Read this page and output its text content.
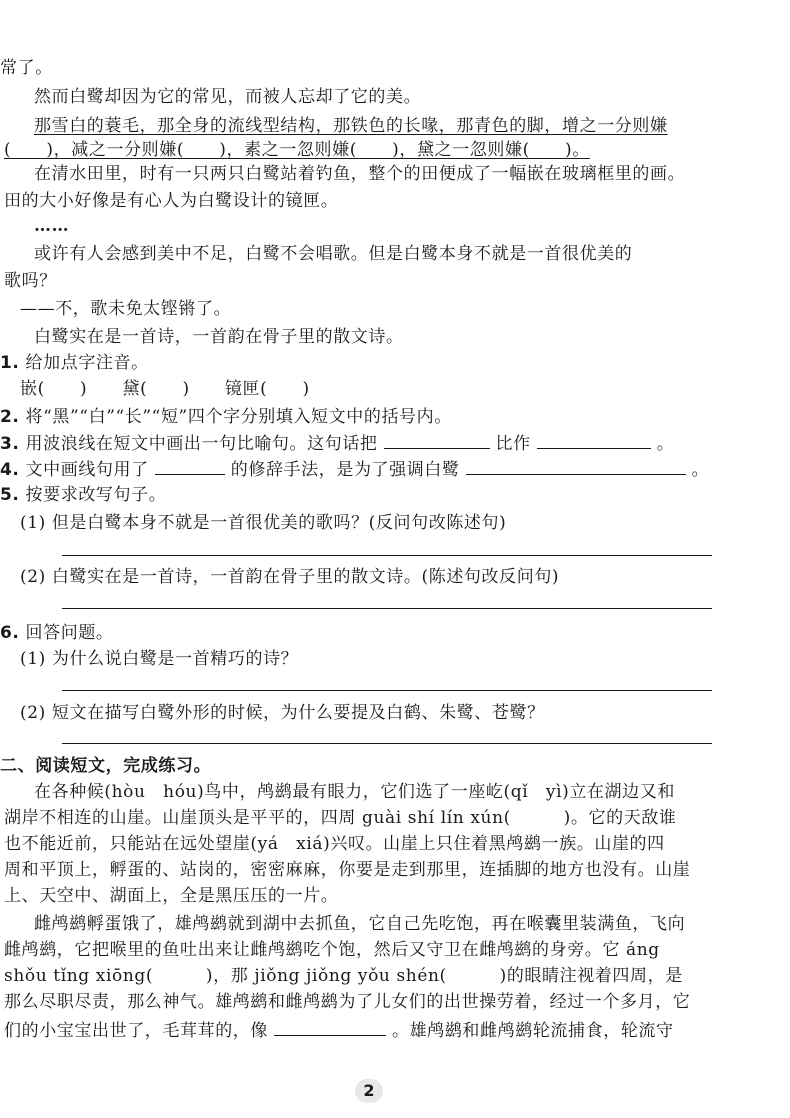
常了。
然而白鹭却因为它的常见，而被人忘却了它的美。
那雪白的蓑毛，那全身的流线型结构，那铁色的长喙，那青色的脚，增之一分则嫌
(　　)，减之一分则嫌(　　)，素之一忽则嫌(　　)，黛之一忽则嫌(　　)。
在清水田里，时有一只两只白鹭站着钓鱼，整个的田便成了一幅嵌在玻璃框里的画。
田的大小好像是有心人为白鹭设计的镜匣。
……
或许有人会感到美中不足，白鹭不会唱歌。但是白鹭本身不就是一首很优美的
歌吗？
——不，歌未免太铿锵了。
白鹭实在是一首诗，一首韵在骨子里的散文诗。
1. 给加点字注音。
嵌(　　)　　黛(　　)　　镜匣(　　)
2. 将“黑”“白”“长”“短”四个字分别填入短文中的括号内。
3. 用波浪线在短文中画出一句比喻句。这句话把	比作	。
4. 文中画线句用了	的修辞手法，是为了强调白鹭	。
5. 按要求改写句子。
(1) 但是白鹭本身不就是一首很优美的歌吗？(反问句改陈述句)
(2) 白鹭实在是一首诗，一首韵在骨子里的散文诗。(陈述句改反问句)
6. 回答问题。
(1) 为什么说白鹭是一首精巧的诗？
(2) 短文在描写白鹭外形的时候，为什么要提及白鹤、朱鹭、苍鹭？
二、阅读短文，完成练习。
在各种候(hòu　hóu)鸟中，鸬鹚最有眼力，它们选了一座屹(qǐ　yì)立在湖边又和
湖岸不相连的山崖。山崖顶头是平平的，四周 guài shí lín xún(　　　)。它的天敌谁
也不能近前，只能站在远处望崖(yá　xiá)兴叹。山崖上只住着黑鸬鹚一族。山崖的四
周和平顶上，孵蛋的、站岗的，密密麻麻，你要是走到那里，连插脚的地方也没有。山崖
上、天空中、湖面上，全是黑压压的一片。
雌鸬鹚孵蛋饿了，雄鸬鹚就到湖中去抓鱼，它自己先吃饱，再在喉囊里装满鱼，飞向
雌鸬鹚，它把喉里的鱼吐出来让雌鸬鹚吃个饱，然后又守卫在雌鸬鹚的身旁。它 áng
shǒu tǐng xiōng(　　　)，那 jiǒng jiǒng yǒu shén(　　　)的眼睛注视着四周，是
那么尽职尽责，那么神气。雄鸬鹚和雌鸬鹚为了儿女们的出世操劳着，经过一个多月，它
们的小宝宝出世了，毛茸茸的，像	。雄鸬鹚和雌鸬鹚轮流捕食，轮流守
2
